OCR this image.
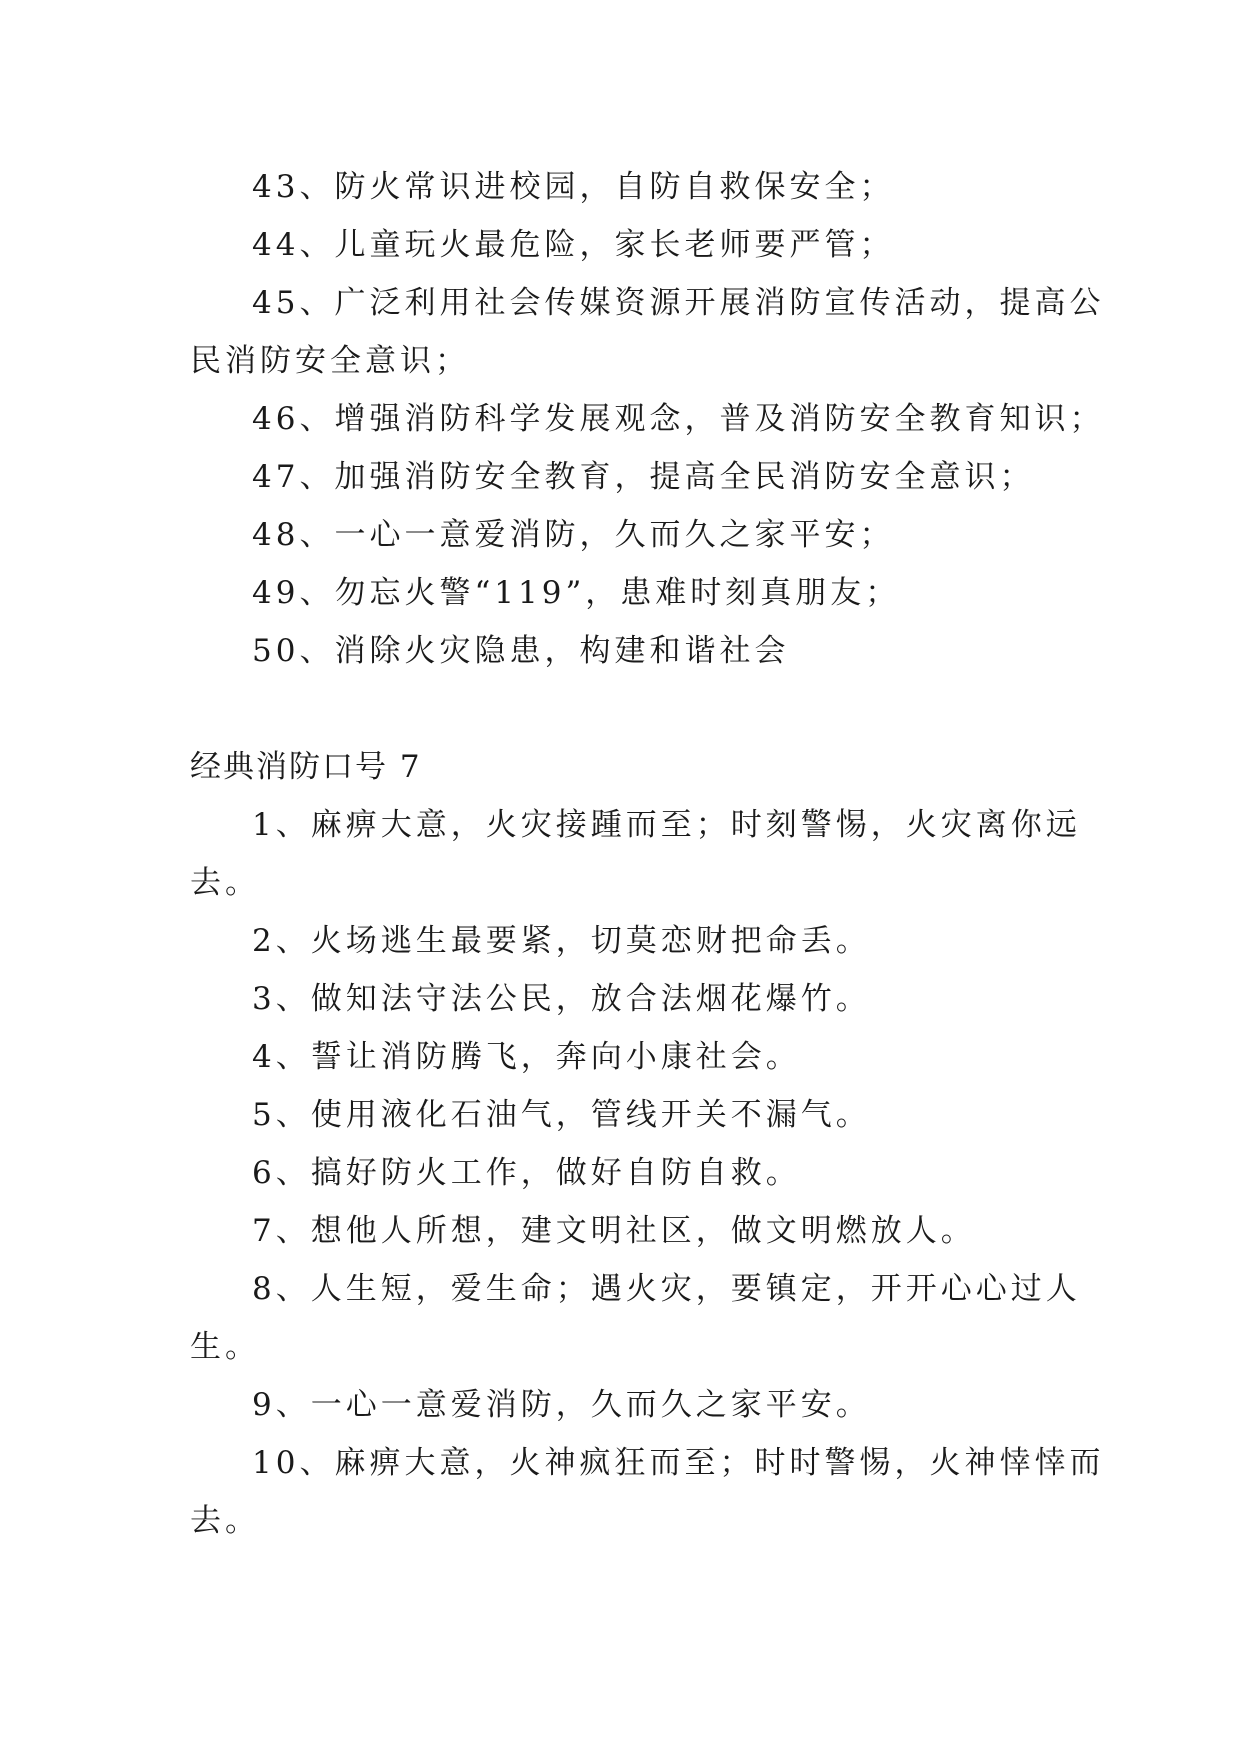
43、防火常识进校园，自防自救保安全；
44、儿童玩火最危险，家长老师要严管；
45、广泛利用社会传媒资源开展消防宣传活动，提高公
民消防安全意识；
46、增强消防科学发展观念，普及消防安全教育知识；
47、加强消防安全教育，提高全民消防安全意识；
48、一心一意爱消防，久而久之家平安；
49、勿忘火警“119”，患难时刻真朋友；
50、消除火灾隐患，构建和谐社会
经典消防口号 7
1、麻痹大意，火灾接踵而至；时刻警惕，火灾离你远
去。
2、火场逃生最要紧，切莫恋财把命丢。
3、做知法守法公民，放合法烟花爆竹。
4、誓让消防腾飞，奔向小康社会。
5、使用液化石油气，管线开关不漏气。
6、搞好防火工作，做好自防自救。
7、想他人所想，建文明社区，做文明燃放人。
8、人生短，爱生命；遇火灾，要镇定，开开心心过人
生。
9、一心一意爱消防，久而久之家平安。
10、麻痹大意，火神疯狂而至；时时警惕，火神悻悻而
去。
